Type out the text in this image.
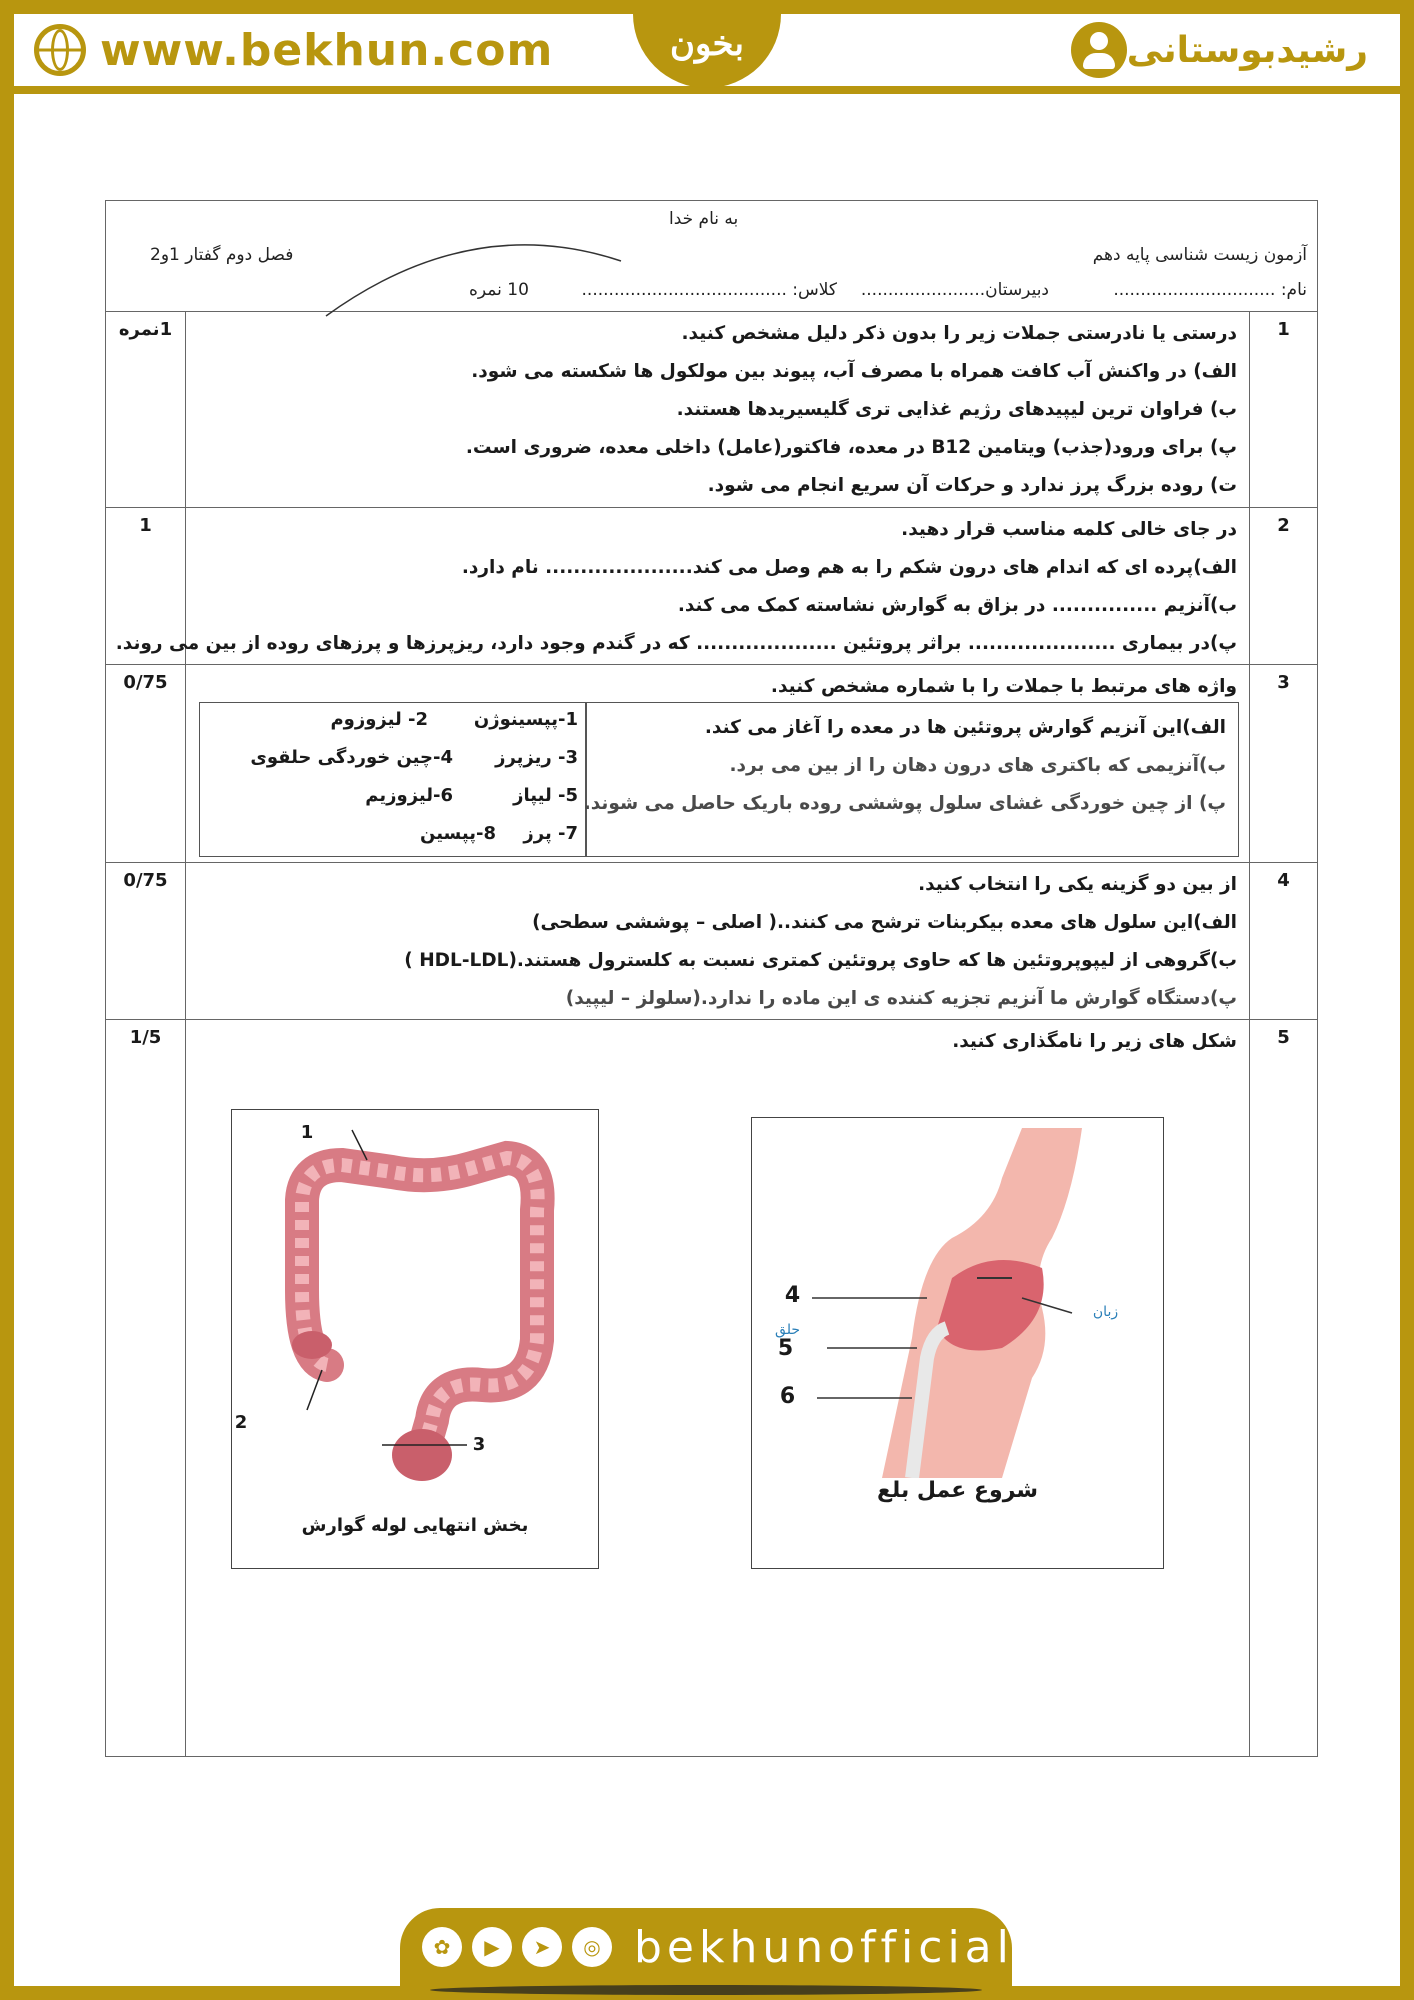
www.bekhun.com	رشیدبوستانی
بخون
به نام خدا
آزمون زیست شناسی پایه دهم
فصل دوم گفتار 1و2
نام: ..............................
دبیرستان.......................
کلاس: ......................................
10 نمره
1
1نمره	درستی یا نادرستی جملات زیر را بدون ذکر دلیل مشخص کنید.
الف) در واکنش آب کافت همراه با مصرف آب، پیوند بین مولکول ها شکسته می شود.
ب) فراوان ترین لیپیدهای رژیم غذایی تری گلیسیریدها هستند.
پ) برای ورود(جذب) ویتامین B12 در معده، فاکتور(عامل) داخلی معده، ضروری است.
ت) روده بزرگ پرز ندارد و حرکات آن سریع انجام می شود.
2
1	در جای خالی کلمه مناسب قرار دهید.
الف)پرده ای که اندام های درون شکم را به هم وصل می کند..................... نام دارد.
ب)آنزیم ............... در بزاق به گوارش نشاسته کمک می کند.
پ)در بیماری ..................... براثر پروتئین .................... که در گندم وجود دارد، ریزپرزها و پرزهای روده از بین می روند.
3
0/75	واژه های مرتبط با جملات را با شماره مشخص کنید.
الف)این آنزیم گوارش پروتئین ها در معده را آغاز می کند.
ب)آنزیمی که باکتری های درون دهان را از بین می برد.
پ) از چین خوردگی غشای سلول پوششی روده باریک حاصل می شوند.
1-پپسینوژن
2- لیزوزوم
3- ریزپرز
4-چین خوردگی حلقوی
5- لیپاز
6-لیزوزیم
7- پرز
8-پپسین
4
0/75	از بین دو گزینه یکی را انتخاب کنید.
الف)این سلول های معده بیکربنات ترشح می کنند..( اصلی – پوششی سطحی)
ب)گروهی از لیپوپروتئین ها که حاوی پروتئین کمتری نسبت به کلسترول هستند.(HDL-LDL )
پ)دستگاه گوارش ما آنزیم تجزیه کننده ی این ماده را ندارد.(سلولز – لیپید)
5
1/5	شکل های زیر را نامگذاری کنید.
1
2
3
بخش انتهایی لوله گوارش
4
5
6
زبان
حلق
شروع عمل بلع
✿	▶	➤	◎ bekhunofficial
